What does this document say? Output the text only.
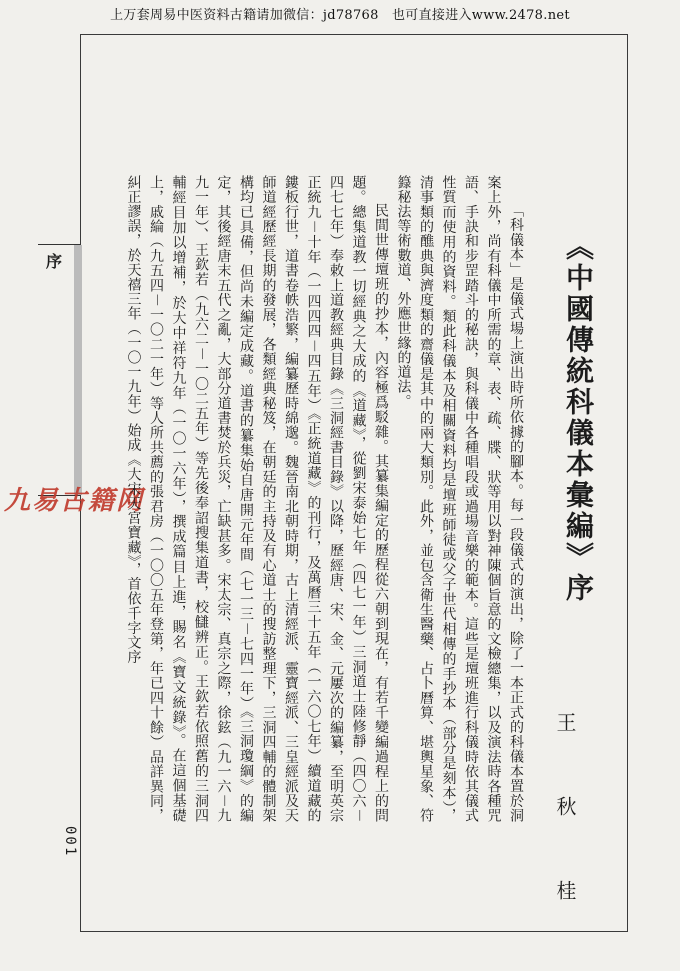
上万套周易中医资料古籍请加微信：jd78768　也可直接进入www.2478.net
序
九易古籍网
001
《中國傳統科儀本彙編》序
王　秋　桂

「科儀本」是儀式場上演出時所依據的腳本。每一段儀式的演出，除了一本正式的科儀本置於洞案上外，尚有科儀中所需的章、表、疏、牒、狀等用以對神陳個旨意的文檢總集，以及演法時各種咒語、手訣和步罡踏斗的秘訣，與科儀中各種唱段或過場音樂的範本。這些是壇班進行科儀時依其儀式性質而使用的資料。類此科儀本及相關資料均是壇班師徒或父子世代相傳的手抄本（部分是刻本），清事類的醮典與濟度類的齋儀是其中的兩大類別。此外，並包含衛生醫藥、占卜曆算、堪輿星象、符籙秘法等術數道、外應世緣的道法。

民間世傳壇班的抄本，內容極爲駁雜。其纂集編定的歷程從六朝到現在，有若千變編過程上的問題。總集道教一切經典之大成的《道藏》，從劉宋泰始七年（四七一年）三洞道士陸修靜（四〇六－四七七年）奉敕上道教經典目錄《三洞經書目錄》以降，歷經唐、宋、金、元屢次的編纂，至明英宗正統九－十年（一四四四－四五年）《正統道藏》的刊行，及萬曆三十五年（一六〇七年）續道藏的鏤板行世，道書卷帙浩繁，編纂歷時綿邈。魏晉南北朝時期，古上清經派、靈寶經派、三皇經派及天師道經歷經長期的發展，各類經典秘笈，在朝廷的主持及有心道士的搜訪整理下，三洞四輔的體制架構均已具備，但尚未編定成藏。道書的纂集始自唐開元年間（七一三－七四一年）《三洞瓊綱》的編定，其後經唐末五代之亂，大部分道書焚於兵災，亡缺甚多。宋太宗、真宗之際，徐鉉（九一六－九九一年）、王欽若（九六二－一〇二五年）等先後奉詔搜集道書，校讎辨正。王欽若依照舊的三洞四輔經目加以增補，於大中祥符九年（一〇一六年），撰成篇目上進，賜名《寶文統錄》。在這個基礎上，戚綸（九五四－一〇二一年）等人所共薦的張君房（一〇〇五年登第，年已四十餘）品詳異同，糾正謬誤，於天禧三年（一〇一九年）始成《大宋天宮寶藏》，首依千字文序
